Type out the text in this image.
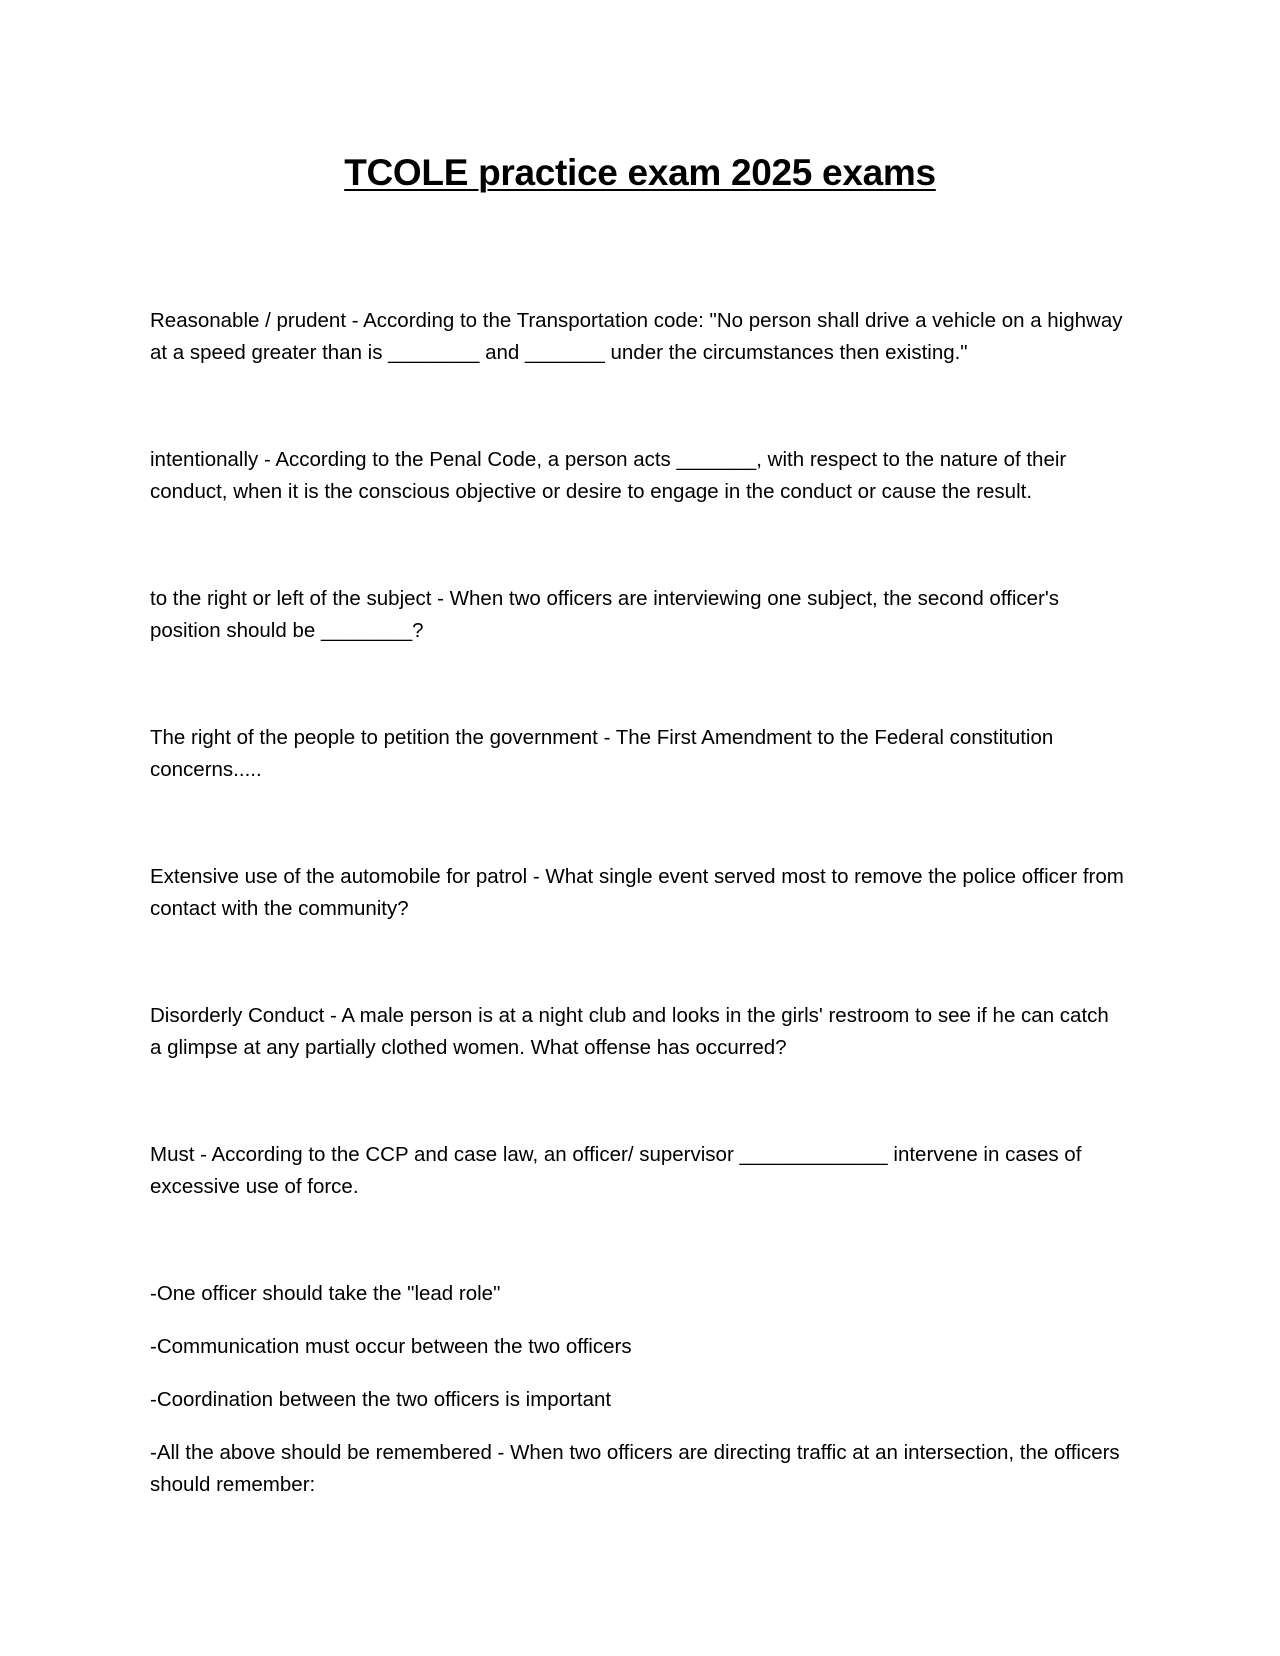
TCOLE practice exam 2025 exams

Reasonable / prudent - According to the Transportation code: "No person shall drive a vehicle on a highway at a speed greater than is ________ and _______ under the circumstances then existing."

intentionally - According to the Penal Code, a person acts _______, with respect to the nature of their conduct, when it is the conscious objective or desire to engage in the conduct or cause the result.

to the right or left of the subject - When two officers are interviewing one subject, the second officer's position should be ________?

The right of the people to petition the government - The First Amendment to the Federal constitution concerns.....

Extensive use of the automobile for patrol - What single event served most to remove the police officer from contact with the community?

Disorderly Conduct - A male person is at a night club and looks in the girls' restroom to see if he can catch a glimpse at any partially clothed women. What offense has occurred?

Must - According to the CCP and case law, an officer/ supervisor _____________ intervene in cases of excessive use of force.

-One officer should take the "lead role"

-Communication must occur between the two officers

-Coordination between the two officers is important

-All the above should be remembered - When two officers are directing traffic at an intersection, the officers should remember:
